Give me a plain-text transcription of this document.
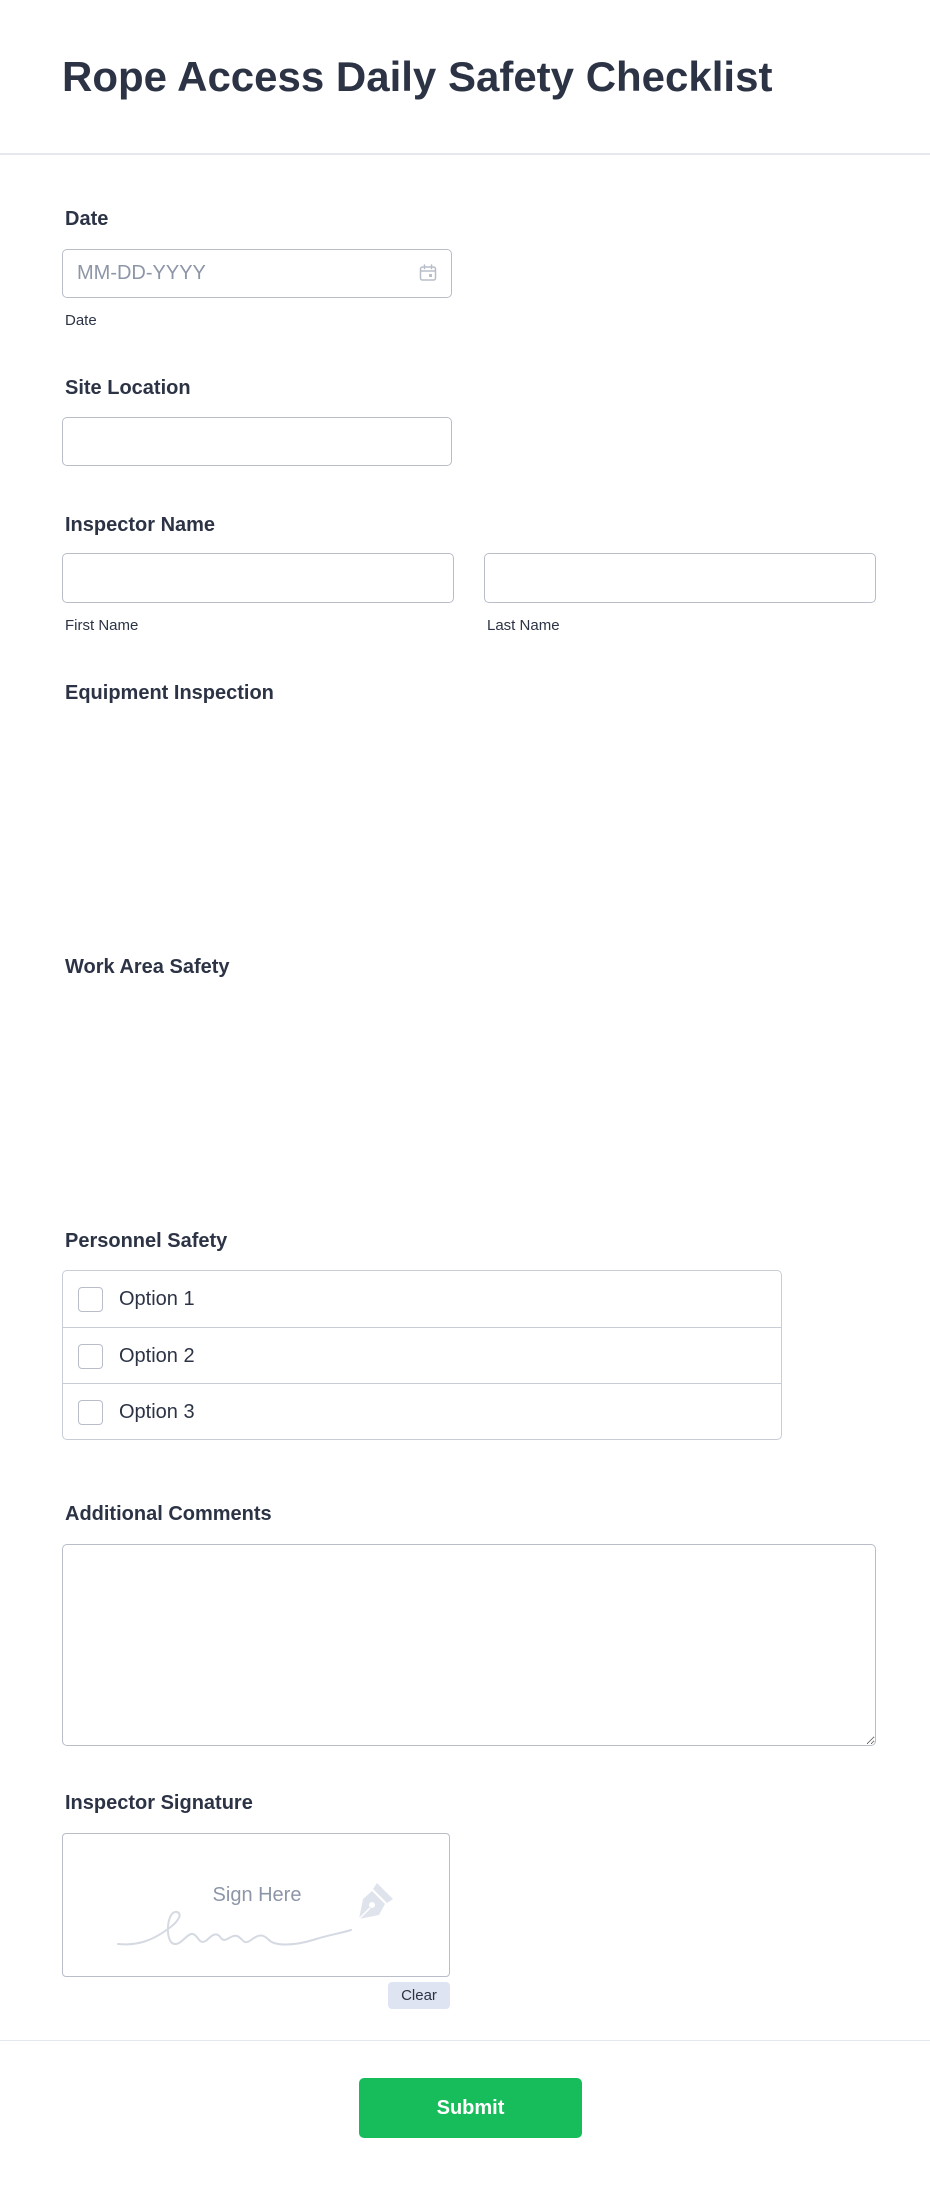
Rope Access Daily Safety Checklist
Date
MM-DD-YYYY
Date
Site Location
Inspector Name
First Name	Last Name
Equipment Inspection
Work Area Safety
Personnel Safety
Option 1
Option 2
Option 3
Additional Comments
Inspector Signature
Sign Here
Clear
Submit
